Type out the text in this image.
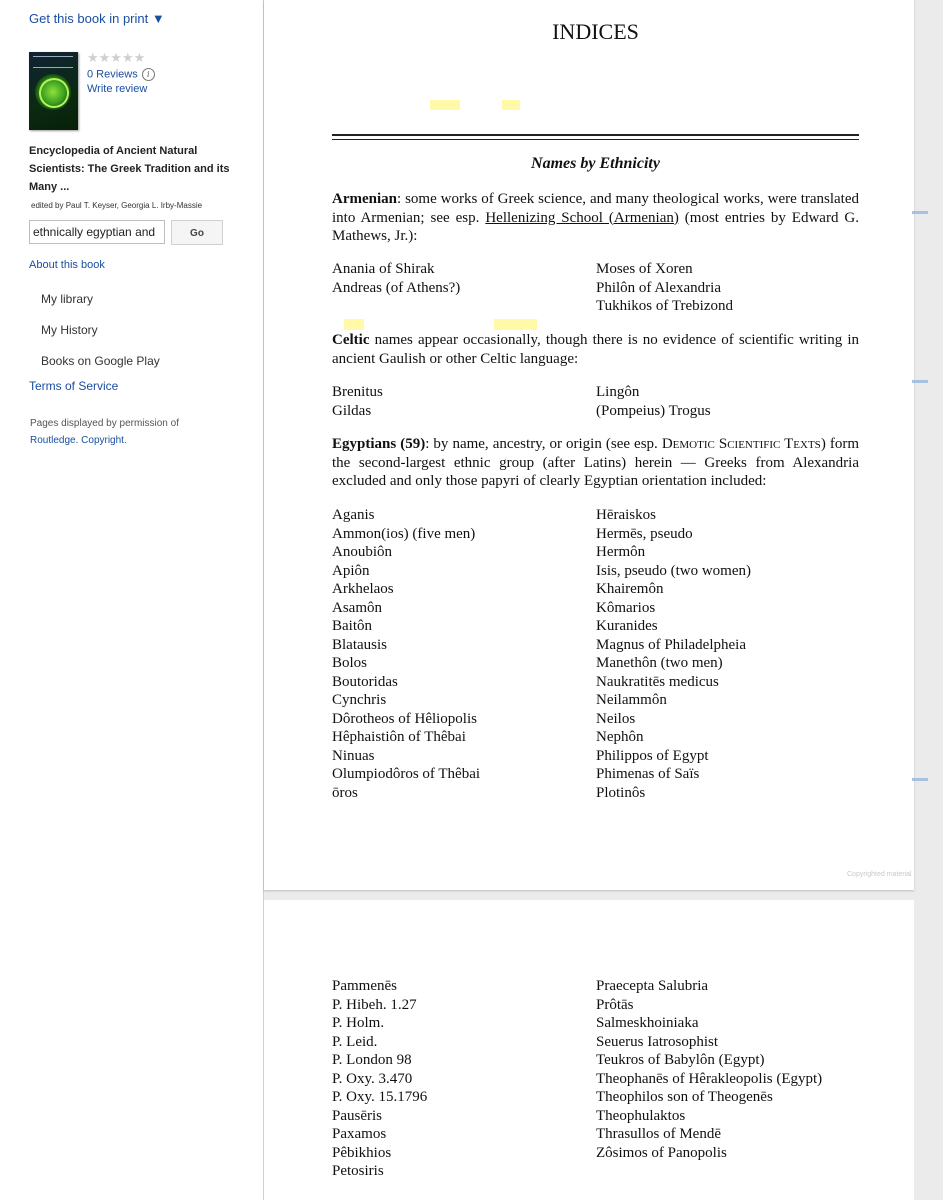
Get this book in print ▼
★★★★★
0 Reviews i
Write review
Encyclopedia of Ancient Natural Scientists: The Greek Tradition and its Many ...
edited by Paul T. Keyser, Georgia L. Irby-Massie
ethnically egyptian and
Go
About this book
My library
My History
Books on Google Play
Terms of Service
Pages displayed by permission of
Routledge. Copyright.
INDICES
Names by Ethnicity
Armenian: some works of Greek science, and many theological works, were translated into Armenian; see esp. Hellenizing School (Armenian) (most entries by Edward G. Mathews, Jr.):
Anania of Shirak
Andreas (of Athens?)
Moses of Xoren
Philôn of Alexandria
Tukhikos of Trebizond
Celtic names appear occasionally, though there is no evidence of scientific writing in ancient Gaulish or other Celtic language:
Brenitus
Gildas
Lingôn
(Pompeius) Trogus
Egyptians (59): by name, ancestry, or origin (see esp. Demotic Scientific Texts) form the second-largest ethnic group (after Latins) herein — Greeks from Alexandria excluded and only those papyri of clearly Egyptian orientation included:
Aganis
Ammon(ios) (five men)
Anoubiôn
Apiôn
Arkhelaos
Asamôn
Baitôn
Blatausis
Bolos
Boutoridas
Cynchris
Dôrotheos of Hêliopolis
Hêphaistiôn of Thêbai
Ninuas
Olumpiodôros of Thêbai
ōros
Hēraiskos
Hermēs, pseudo
Hermôn
Isis, pseudo (two women)
Khairemôn
Kômarios
Kuranides
Magnus of Philadelpheia
Manethôn (two men)
Naukratitēs medicus
Neilammôn
Neilos
Nephôn
Philippos of Egypt
Phimenas of Saïs
Plotinôs
Copyrighted material
Pammenēs
P. Hibeh. 1.27
P. Holm.
P. Leid.
P. London 98
P. Oxy. 3.470
P. Oxy. 15.1796
Pausēris
Paxamos
Pêbikhios
Petosiris
Praecepta Salubria
Prôtās
Salmeskhoiniaka
Seuerus Iatrosophist
Teukros of Babylôn (Egypt)
Theophanēs of Hêrakleopolis (Egypt)
Theophilos son of Theogenēs
Theophulaktos
Thrasullos of Mendē
Zôsimos of Panopolis
